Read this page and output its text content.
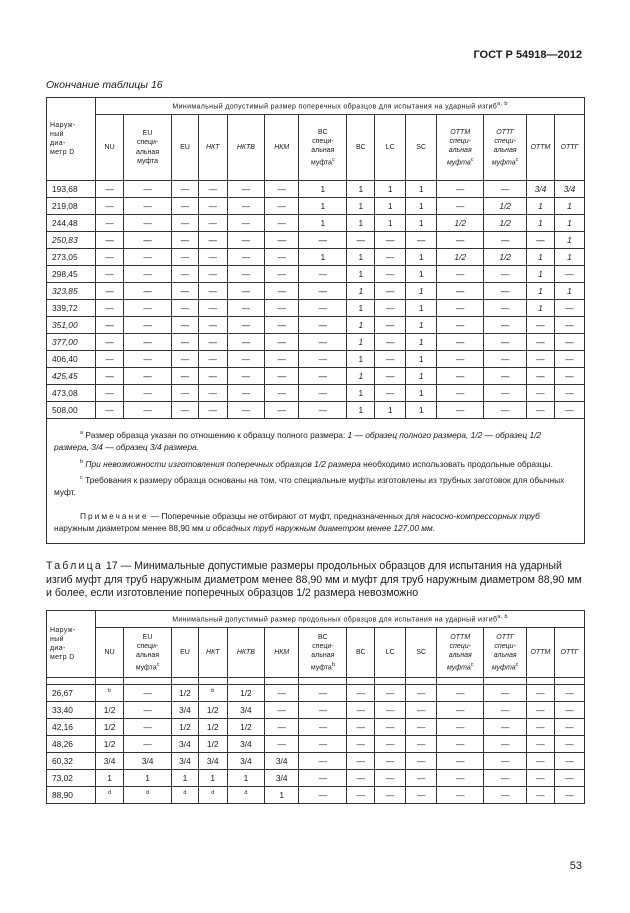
ГОСТ Р 54918—2012
Окончание таблицы 16
Наруж-
ный
диа-
метр D	Минимальный допустимый размер поперечных образцов для испытания на ударный изгиб$^{a, b}$
	NU	EU
специ-
альная
муфта	EU	НКТ	НКТВ	НКМ	BC
специ-
альная
муфта$^c$	BC	LC	SC	ОТТМ
специ-
альная
муфта$^c$	ОТТГ
специ-
альная
муфта$^c$	ОТТМ	ОТТГ
193,68	—	—	—	—	—	—	1	1	1	1	—	—	3/4	3/4
219,08	—	—	—	—	—	—	1	1	1	1	—	1/2	1	1
244,48	—	—	—	—	—	—	1	1	1	1	1/2	1/2	1	1
250,83	—	—	—	—	—	—	—	—	—	—	—	—	—	1
273,05	—	—	—	—	—	—	1	1	—	1	1/2	1/2	1	1
298,45	—	—	—	—	—	—	—	1	—	1	—	—	1	—
323,85	—	—	—	—	—	—	—	1	—	1	—	—	1	1
339,72	—	—	—	—	—	—	—	1	—	1	—	—	1	—
351,00	—	—	—	—	—	—	—	1	—	1	—	—	—	—
377,00	—	—	—	—	—	—	—	1	—	1	—	—	—	—
406,40	—	—	—	—	—	—	—	1	—	1	—	—	—	—
425,45	—	—	—	—	—	—	—	1	—	1	—	—	—	—
473,08	—	—	—	—	—	—	—	1	—	1	—	—	—	—
508,00	—	—	—	—	—	—	—	1	1	1	—	—	—	—

$^a$ Размер образца указан по отношению к образцу полного размера: 1 — образец полного размера, 1/2 — образец 1/2 размера, 3/4 — образец 3/4 размера.

$^b$ При невозможности изготовления поперечных образцов 1/2 размера необходимо использовать продольные образцы.

$^c$ Требования к размеру образца основаны на том, что специальные муфты изготовлены из трубных заготовок для обычных муфт.

Примечание — Поперечные образцы не отбирают от муфт, предназначенных для насосно-компрессорных труб наружным диаметром менее 88,90 мм и обсадных труб наружным диаметром менее 127,00 мм.														

Таблица 17 — Минимальные допустимые размеры продольных образцов для испытания на ударный изгиб муфт для труб наружным диаметром менее 88,90 мм и муфт для труб наружным диаметром 88,90 мм и более, если изготовление поперечных образцов 1/2 размера невозможно
Наруж-
ный
диа-
метр D	Минимальный допустимый размер продольных образцов для испытания на ударный изгиб$^{a, b}$
	NU	EU
специ-
альная
муфта$^c$	EU	НКТ	НКТВ	НКМ	BC
специ-
альная
муфта$^b$	BC	LC	SC	ОТТМ
специ-
альная
муфта$^c$	ОТТГ
специ-
альная
муфта$^c$	ОТТМ	ОТТГ

26,67	$^b$	—	1/2	$^b$	1/2	—	—	—	—	—	—	—	—	—
33,40	1/2	—	3/4	1/2	3/4	—	—	—	—	—	—	—	—	—
42,16	1/2	—	1/2	1/2	1/2	—	—	—	—	—	—	—	—	—
48,26	1/2	—	3/4	1/2	3/4	—	—	—	—	—	—	—	—	—
60,32	3/4	3/4	3/4	3/4	3/4	3/4	—	—	—	—	—	—	—	—
73,02	1	1	1	1	1	3/4	—	—	—	—	—	—	—	—
88,90	$^d$	$^d$	$^d$	$^d$	$^d$	1	—	—	—	—	—	—	—	—
53
